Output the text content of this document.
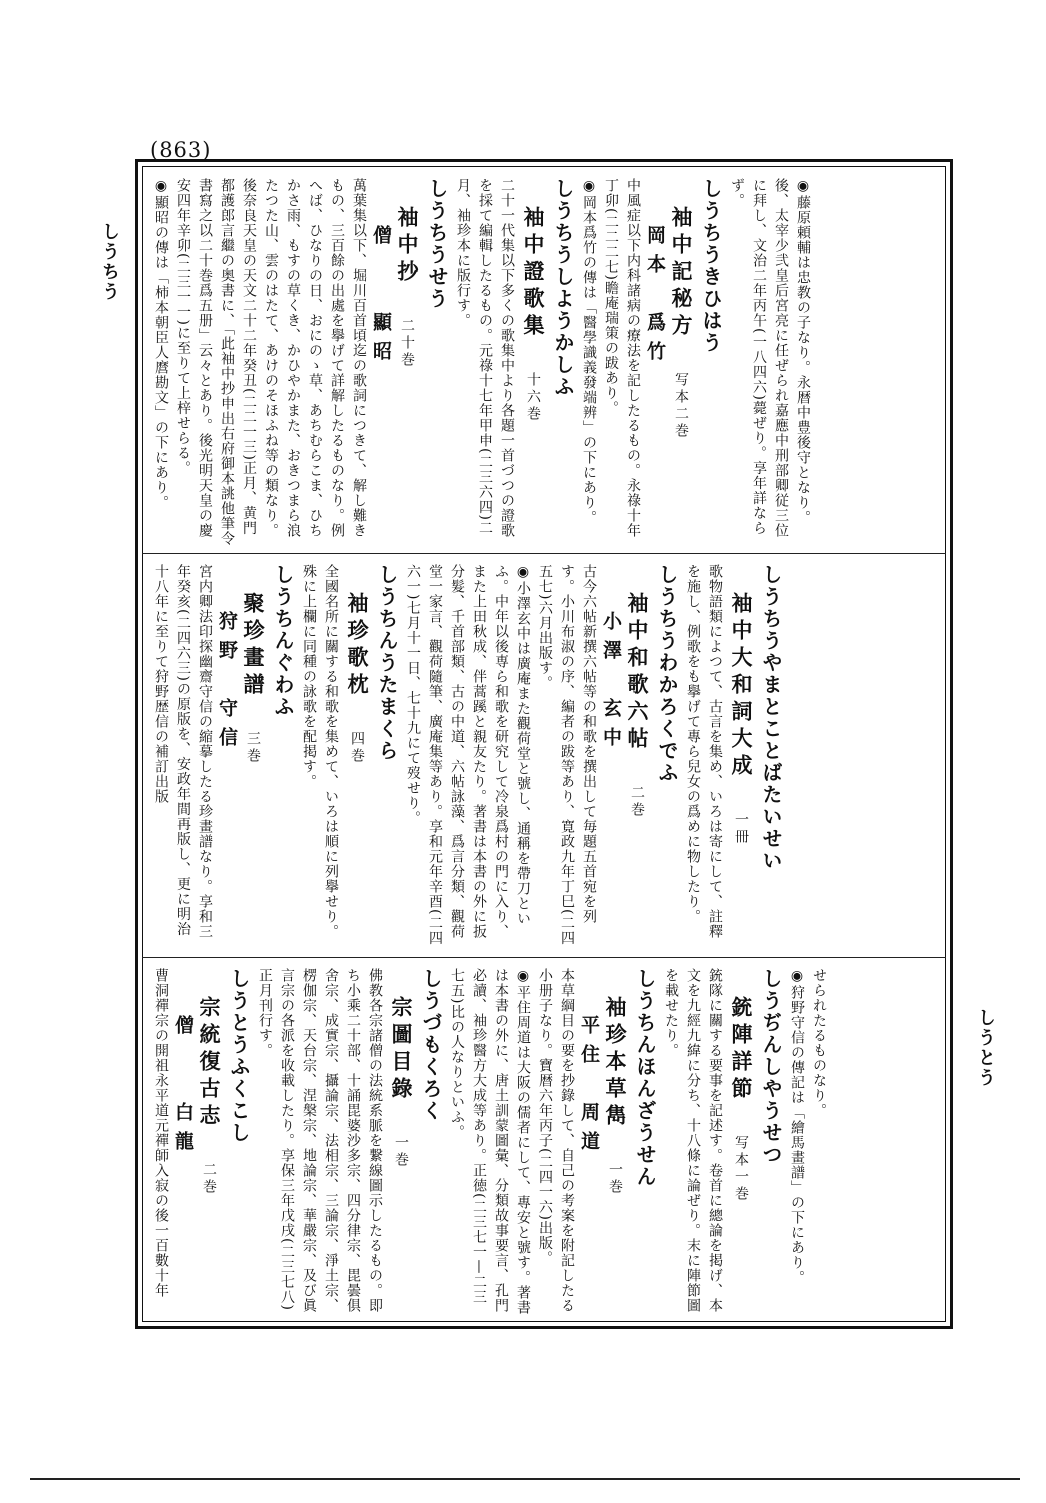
(863)
しうちう
しうとう
◉藤原頼輔は忠教の子なり。永暦中豊後守となり。後、太宰少弐皇后宮亮に任ぜられ嘉應中刑部卿従三位に拜し、文治二年丙午(一八四六)薨ぜり。享年詳ならず。
しうちうきひはう
袖中記秘方　写本二巻　岡本　爲竹
中風症以下内科諸病の療法を記したるもの。永祿十年丁卯(二二二七)瞻庵瑞策の跋あり。
◉岡本爲竹の傳は「醫學識義發端辨」の下にあり。
しうちうしようかしふ
袖中證歌集　十六巻
二十一代集以下多くの歌集中より各題一首づつの證歌を採て編輯したるもの。元祿十七年甲申(二三六四)二月、袖珍本に版行す。
しうちうせう
袖中抄　二十巻　僧　　顯昭
萬葉集以下、堀川百首頃迄の歌詞につきて、解し難きもの、三百餘の出處を擧げて詳解したるものなり。例へば、ひなりの日、おにのゝ草、あちむらこま、ひちかさ雨、もすの草くき、かひやかまた、おきつまら浪たつた山、雲のはたて、あけのそほふね等の類なり。後奈良天皇の天文二十二年癸丑(二二一三)正月、黄門都護郎言繼の奥書に、「此袖中抄申出右府御本誂他筆令書寫之以二十巻爲五册」云々とあり。後光明天皇の慶安四年辛卯(二三一一)に至りて上梓せらる。
◉顯昭の傳は「柿本朝臣人麿勘文」の下にあり。
しうちうやまとことばたいせい
袖中大和詞大成　一冊
歌物語類によつて、古言を集め、いろは寄にして、註釋を施し、例歌をも擧げて專ら兒女の爲めに物したり。
しうちうわかろくでふ
袖中和歌六帖　二巻　小澤　玄中
古今六帖新撰六帖等の和歌を撰出して毎題五首宛を列す。小川布淑の序、編者の跋等あり、寛政九年丁巳(二四五七)六月出版す。
◉小澤玄中は廣庵また觀荷堂と號し、通稱を帶刀といふ。中年以後専ら和歌を研究して冷泉爲村の門に入り、また上田秋成、伴蒿蹊と親友たり。著書は本書の外に扳分髮、千首部類、古の中道、六帖詠藻、爲言分類、觀荷堂一家言、觀荷隨筆、廣庵集等あり。享和元年辛酉(二四六一)七月十一日、七十九にて歿せり。
しうちんうたまくら
袖珍歌枕　四巻
全國名所に關する和歌を集めて、いろは順に列擧せり。殊に上欄に同種の詠歌を配掲す。
しうちんぐわふ
聚珍畫譜　三巻　狩野　守信
宮内卿法印探幽齋守信の縮摹したる珍畫譜なり。享和三年癸亥(二四六三)の原版を、安政年間再版し、更に明治十八年に至りて狩野歴信の補訂出版
せられたるものなり。
◉狩野守信の傳記は「繪馬畫譜」の下にあり。
しうぢんしやうせつ
銃陣詳節　写本一巻
銃隊に關する要事を記述す。卷首に總論を掲げ、本文を九經九緯に分ち、十八條に論ぜり。末に陣節圖を載せたり。
しうちんほんざうせん
袖珍本草雋　一巻　平住　周道
本草綱目の要を抄錄して、自己の考案を附記したる小册子なり。寶暦六年丙子(二四一六)出版。
◉平住周道は大阪の儒者にして、專安と號す。著書は本書の外に、唐土訓蒙圖彙、分類故事要言、孔門必讀、袖珍醫方大成等あり。正徳(二三七一—二三七五)比の人なりといふ。
しうづもくろく
宗圖目錄　一巻
佛教各宗諸僧の法統系脈を繋線圖示したるもの。即ち小乘二十部、十誦毘婆沙多宗、四分律宗、毘曇俱舍宗、成實宗、攝論宗、法相宗、三論宗、淨土宗、楞伽宗、天台宗、涅槃宗、地論宗、華嚴宗、及び眞言宗の各派を收載したり。享保三年戊戌(二三七八)正月刊行す。
しうとうふくこし
宗統復古志　二巻　僧　　白龍
曹洞禪宗の開祖永平道元禪師入寂の後一百數十年
